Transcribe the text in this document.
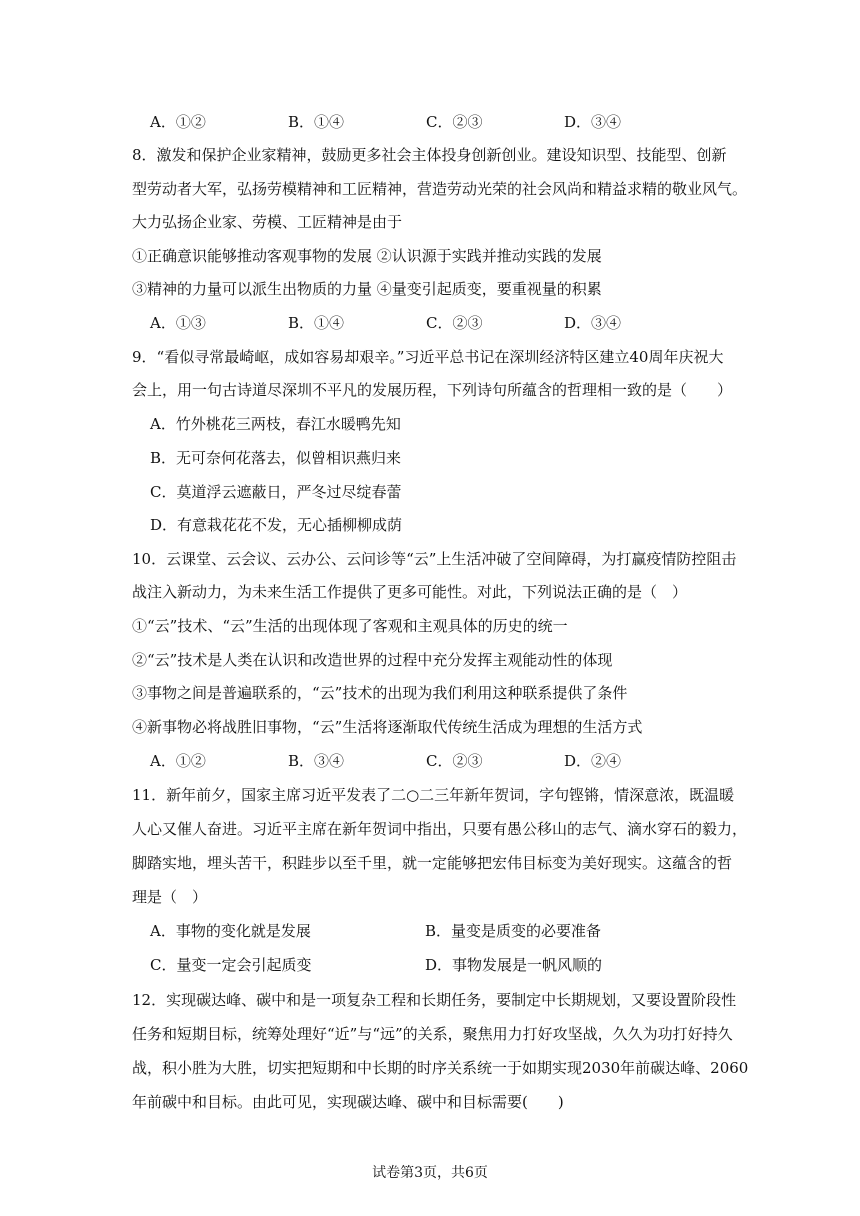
A．①②	B．①④	C．②③	D．③④
8．激发和保护企业家精神，鼓励更多社会主体投身创新创业。建设知识型、技能型、创新
型劳动者大军，弘扬劳模精神和工匠精神，营造劳动光荣的社会风尚和精益求精的敬业风气。
大力弘扬企业家、劳模、工匠精神是由于
①正确意识能够推动客观事物的发展 ②认识源于实践并推动实践的发展
③精神的力量可以派生出物质的力量 ④量变引起质变，要重视量的积累
A．①③	B．①④	C．②③	D．③④
9．“看似寻常最崎岖，成如容易却艰辛。”习近平总书记在深圳经济特区建立40周年庆祝大
会上，用一句古诗道尽深圳不平凡的发展历程，下列诗句所蕴含的哲理相一致的是（　　）
A．竹外桃花三两枝，春江水暖鸭先知
B．无可奈何花落去，似曾相识燕归来
C．莫道浮云遮蔽日，严冬过尽绽春蕾
D．有意栽花花不发，无心插柳柳成荫
10．云课堂、云会议、云办公、云问诊等“云”上生活冲破了空间障碍，为打赢疫情防控阻击
战注入新动力，为未来生活工作提供了更多可能性。对此，下列说法正确的是（　）
①“云”技术、“云”生活的出现体现了客观和主观具体的历史的统一
②“云”技术是人类在认识和改造世界的过程中充分发挥主观能动性的体现
③事物之间是普遍联系的，“云”技术的出现为我们利用这种联系提供了条件
④新事物必将战胜旧事物，“云”生活将逐渐取代传统生活成为理想的生活方式
A．①②	B．③④	C．②③	D．②④
11．新年前夕，国家主席习近平发表了二○二三年新年贺词，字句铿锵，情深意浓，既温暖
人心又催人奋进。习近平主席在新年贺词中指出，只要有愚公移山的志气、滴水穿石的毅力，
脚踏实地，埋头苦干，积跬步以至千里，就一定能够把宏伟目标变为美好现实。这蕴含的哲
理是（　）
A．事物的变化就是发展	B．量变是质变的必要准备
C．量变一定会引起质变	D．事物发展是一帆风顺的
12．实现碳达峰、碳中和是一项复杂工程和长期任务，要制定中长期规划，又要设置阶段性
任务和短期目标，统筹处理好“近”与“远”的关系，聚焦用力打好攻坚战，久久为功打好持久
战，积小胜为大胜，切实把短期和中长期的时序关系统一于如期实现2030年前碳达峰、2060
年前碳中和目标。由此可见，实现碳达峰、碳中和目标需要(　　)
试卷第3页，共6页
